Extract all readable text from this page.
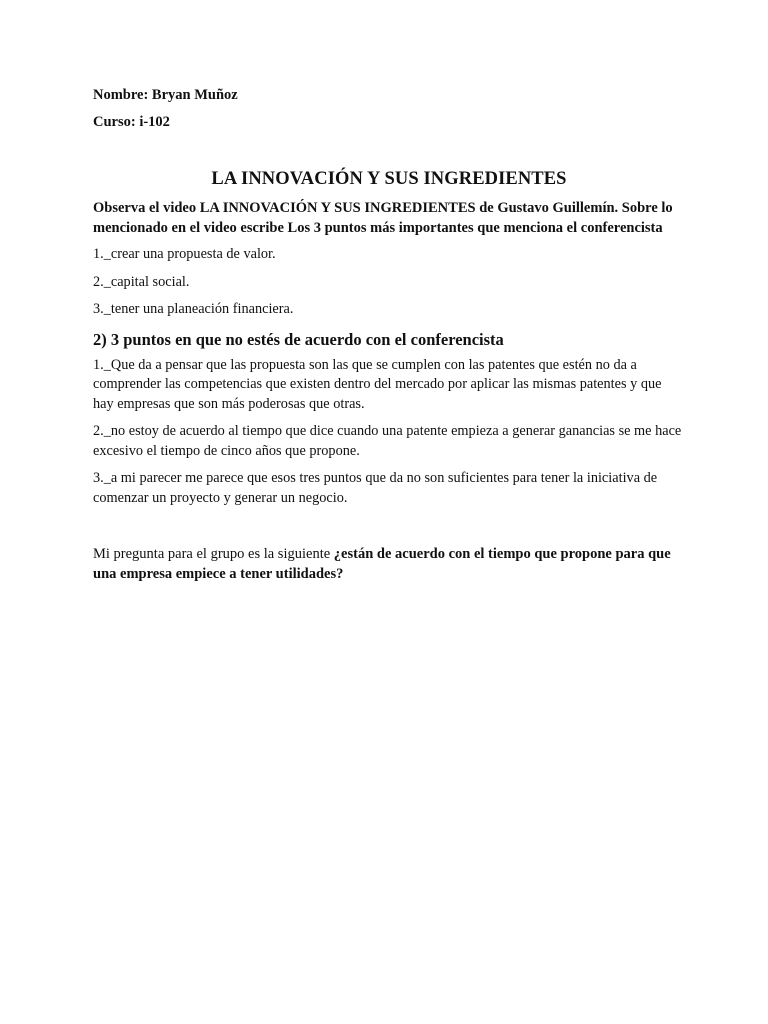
Nombre: Bryan Muñoz

Curso: i-102

LA INNOVACIÓN Y SUS INGREDIENTES

Observa el video LA INNOVACIÓN Y SUS INGREDIENTES de Gustavo Guillemín. Sobre lo mencionado en el video escribe Los 3 puntos más importantes que menciona el conferencista

1._crear una propuesta de valor.

2._capital social.

3._tener una planeación financiera.

2) 3 puntos en que no estés de acuerdo con el conferencista

1._Que da a pensar que las propuesta son las que se cumplen con las patentes que estén no da a comprender las competencias que existen dentro del mercado por aplicar las mismas patentes y que hay empresas que son más poderosas que otras.

2._no estoy de acuerdo al tiempo que dice cuando una patente empieza a generar ganancias se me hace excesivo el tiempo de cinco años que propone.

3._a mi parecer me parece que esos tres puntos que da no son suficientes para tener la iniciativa de comenzar un proyecto y generar un negocio.

Mi pregunta para el grupo es la siguiente ¿están de acuerdo con el tiempo que propone para que una empresa empiece a tener utilidades?
